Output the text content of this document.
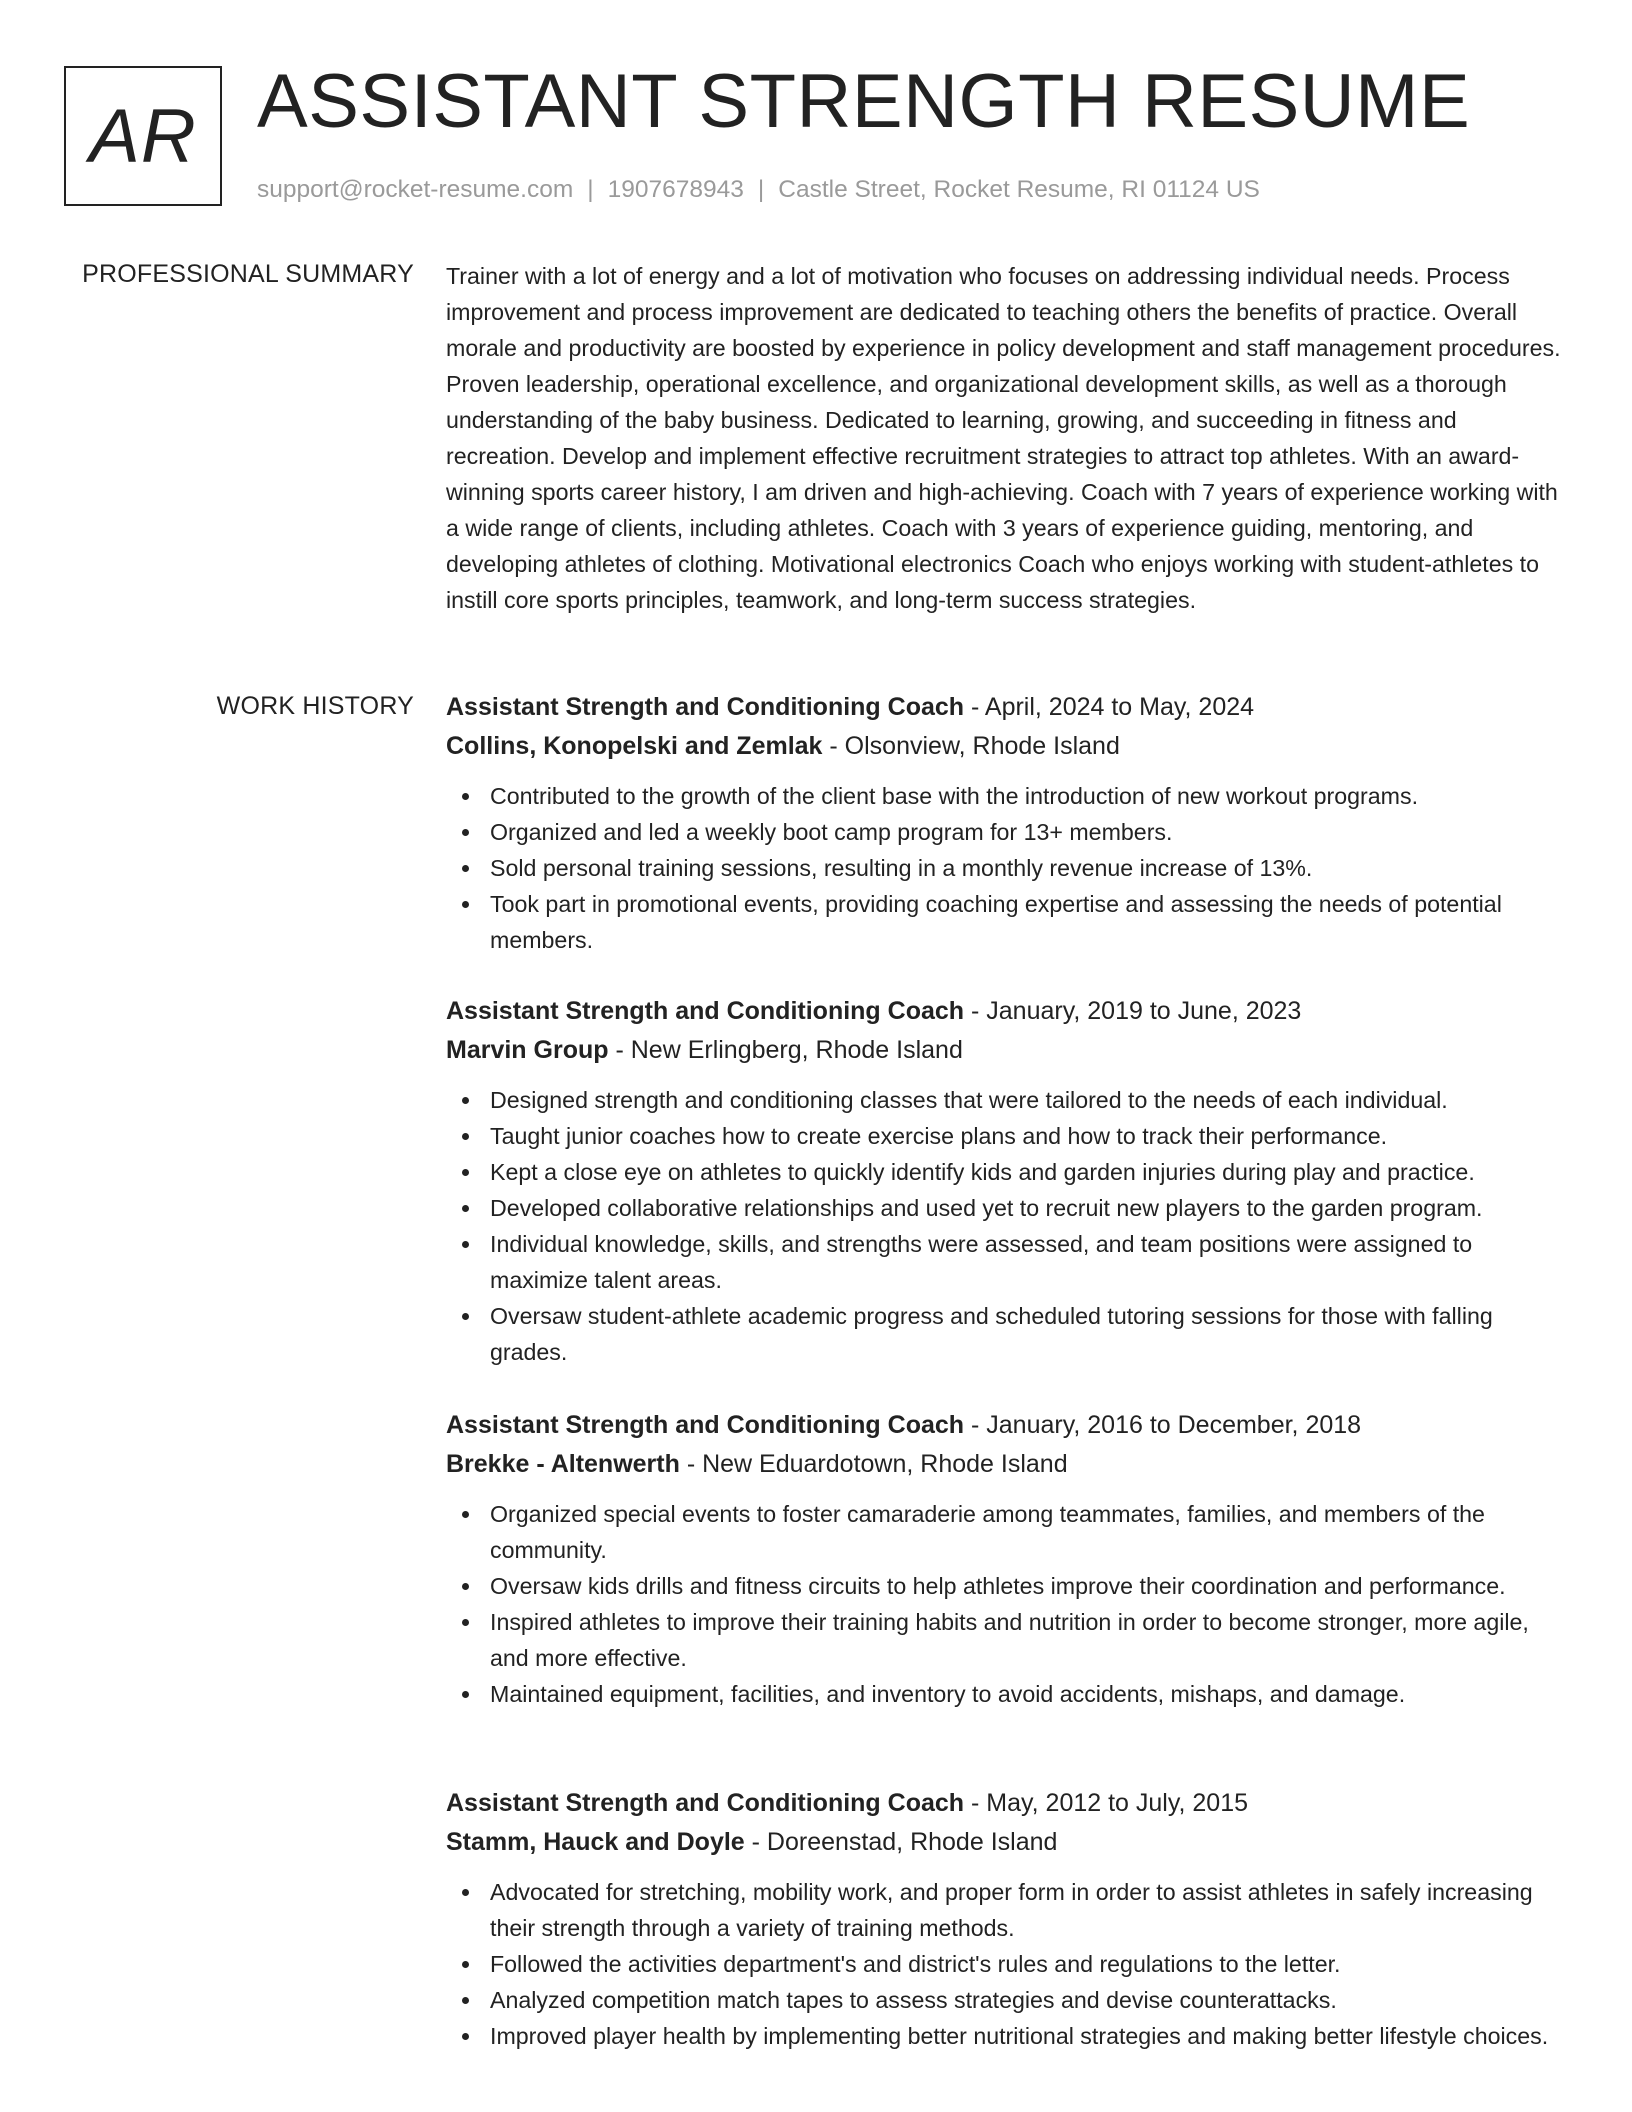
AR ASSISTANT STRENGTH RESUME
support@rocket-resume.com | 1907678943 | Castle Street, Rocket Resume, RI 01124 US
PROFESSIONAL SUMMARY Trainer with a lot of energy and a lot of motivation who focuses on addressing individual needs. Process improvement and process improvement are dedicated to teaching others the benefits of practice. Overall morale and productivity are boosted by experience in policy development and staff management procedures. Proven leadership, operational excellence, and organizational development skills, as well as a thorough understanding of the baby business. Dedicated to learning, growing, and succeeding in fitness and recreation. Develop and implement effective recruitment strategies to attract top athletes. With an award-winning sports career history, I am driven and high-achieving. Coach with 7 years of experience working with a wide range of clients, including athletes. Coach with 3 years of experience guiding, mentoring, and developing athletes of clothing. Motivational electronics Coach who enjoys working with student-athletes to instill core sports principles, teamwork, and long-term success strategies.

WORK HISTORY Assistant Strength and Conditioning Coach - April, 2024 to May, 2024
Collins, Konopelski and Zemlak - Olsonview, Rhode Island
Contributed to the growth of the client base with the introduction of new workout programs.
Organized and led a weekly boot camp program for 13+ members.
Sold personal training sessions, resulting in a monthly revenue increase of 13%.
Took part in promotional events, providing coaching expertise and assessing the needs of potential members.
Assistant Strength and Conditioning Coach - January, 2019 to June, 2023
Marvin Group - New Erlingberg, Rhode Island
Designed strength and conditioning classes that were tailored to the needs of each individual.
Taught junior coaches how to create exercise plans and how to track their performance.
Kept a close eye on athletes to quickly identify kids and garden injuries during play and practice.
Developed collaborative relationships and used yet to recruit new players to the garden program.
Individual knowledge, skills, and strengths were assessed, and team positions were assigned to maximize talent areas.
Oversaw student-athlete academic progress and scheduled tutoring sessions for those with falling grades.
Assistant Strength and Conditioning Coach - January, 2016 to December, 2018
Brekke - Altenwerth - New Eduardotown, Rhode Island
Organized special events to foster camaraderie among teammates, families, and members of the community.
Oversaw kids drills and fitness circuits to help athletes improve their coordination and performance.
Inspired athletes to improve their training habits and nutrition in order to become stronger, more agile, and more effective.
Maintained equipment, facilities, and inventory to avoid accidents, mishaps, and damage.
Assistant Strength and Conditioning Coach - May, 2012 to July, 2015
Stamm, Hauck and Doyle - Doreenstad, Rhode Island
Advocated for stretching, mobility work, and proper form in order to assist athletes in safely increasing their strength through a variety of training methods.
Followed the activities department's and district's rules and regulations to the letter.
Analyzed competition match tapes to assess strategies and devise counterattacks.
Improved player health by implementing better nutritional strategies and making better lifestyle choices.
